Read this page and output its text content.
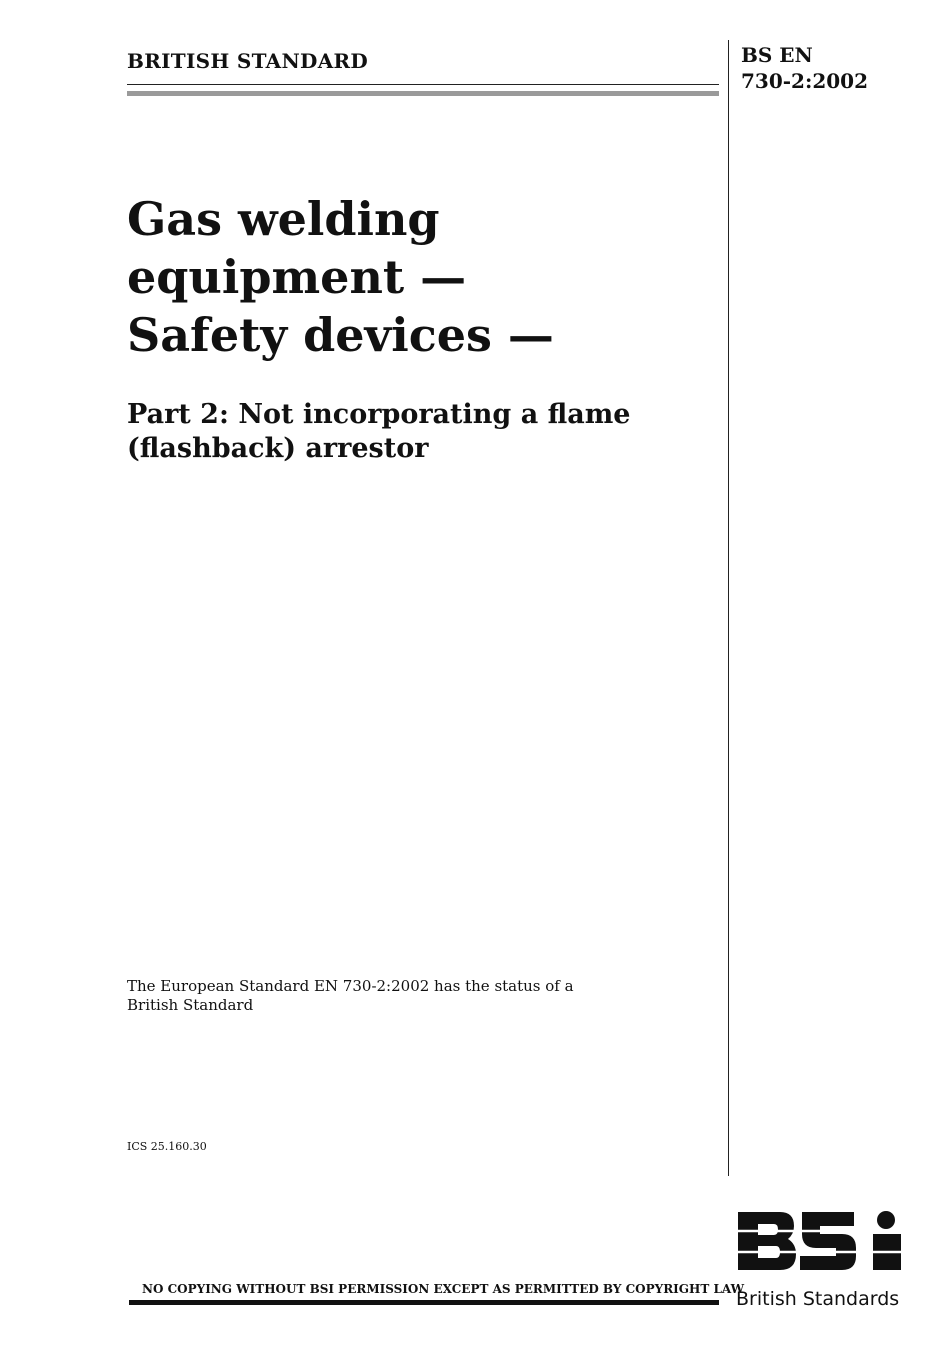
BRITISH STANDARD	BS EN
730-2:2002
Gas welding
equipment —
Safety devices —
Part 2: Not incorporating a flame
(flashback) arrestor
The European Standard EN 730-2:2002 has the status of a
British Standard
ICS 25.160.30
NO COPYING WITHOUT BSI PERMISSION EXCEPT AS PERMITTED BY COPYRIGHT LAW
British Standards
